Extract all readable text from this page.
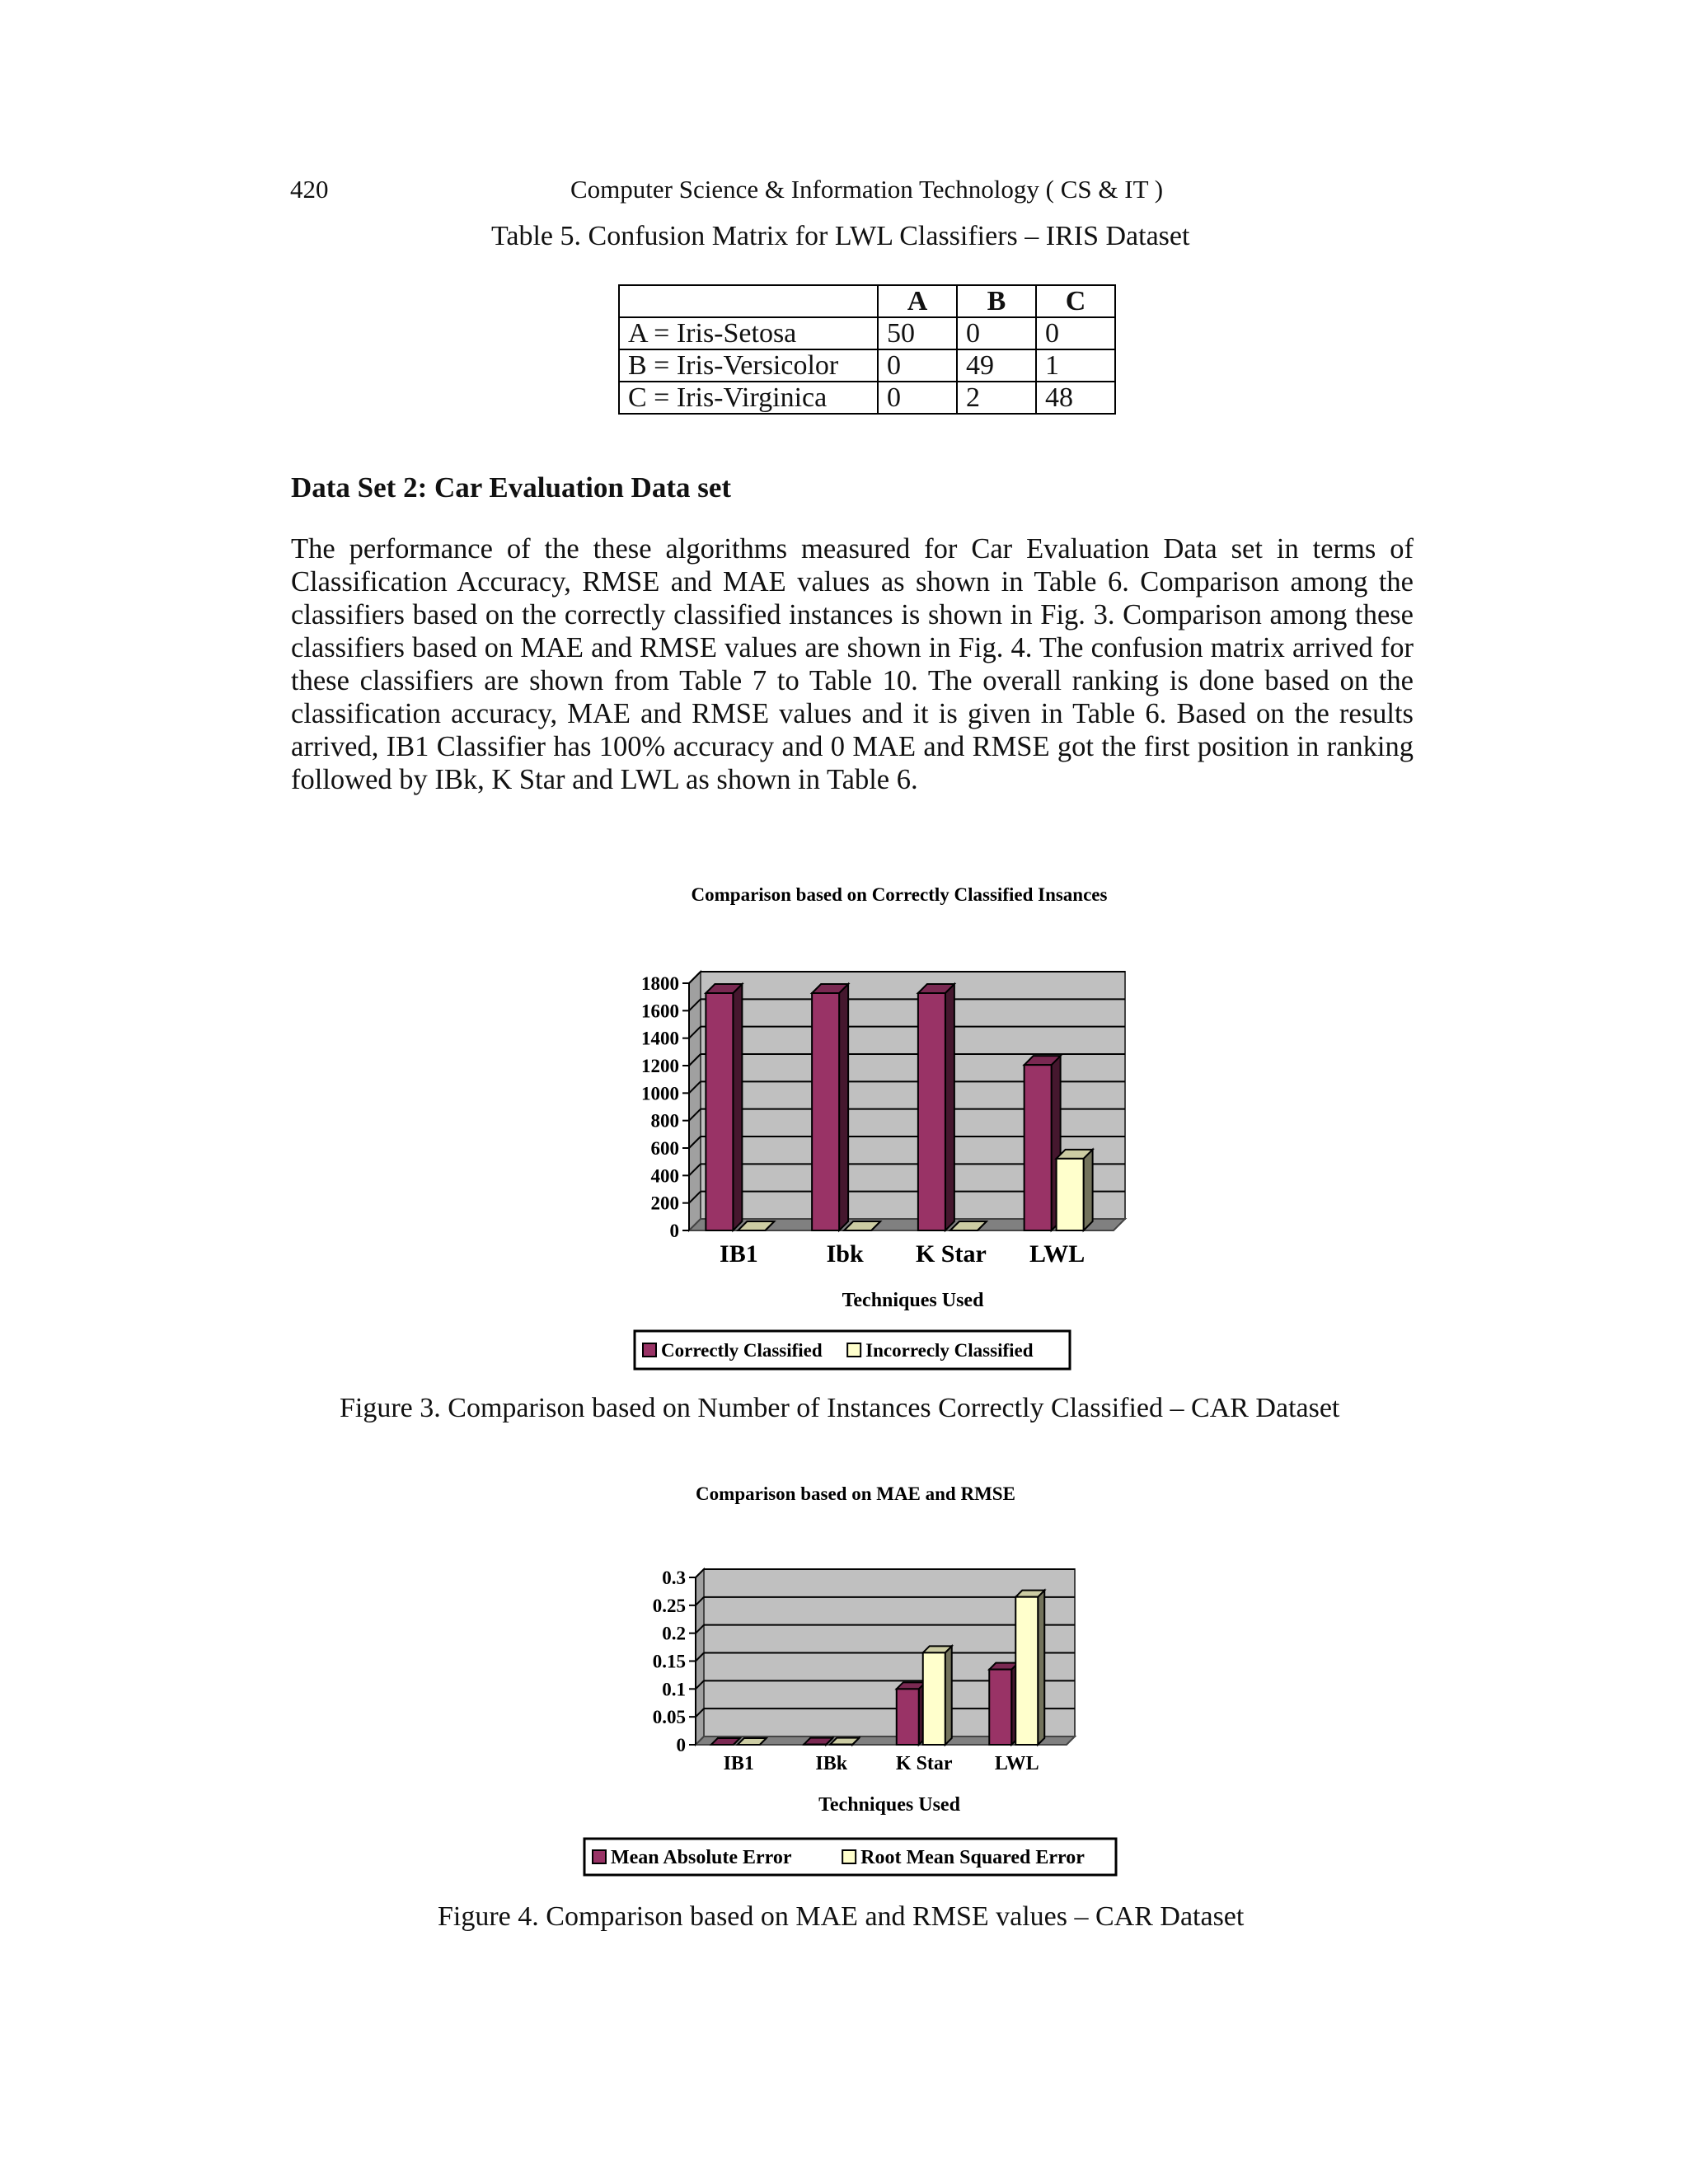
420	Computer Science & Information Technology ( CS & IT )
Table 5. Confusion Matrix for LWL Classifiers – IRIS Dataset
	A	B	C
A = Iris-Setosa	50	0	0
B = Iris-Versicolor	0	49	1
C = Iris-Virginica	0	2	48
Data Set 2: Car Evaluation Data set
The performance of the these algorithms measured for Car Evaluation Data set in terms of Classification Accuracy, RMSE and MAE values as shown in Table 6. Comparison among the classifiers based on the correctly classified instances is shown in Fig. 3. Comparison among these classifiers based on MAE and RMSE values are shown in Fig. 4. The confusion matrix arrived for these classifiers are shown from Table 7 to Table 10. The overall ranking is done based on the classification accuracy, MAE and RMSE values and it is given in Table 6. Based on the results arrived, IB1 Classifier has 100% accuracy and 0 MAE and RMSE got the first position in ranking followed by IBk, K Star and LWL as shown in Table 6.
Comparison based on Correctly Classified Insances
0
200
400
600
800
1000
1200
1400
1600
1800
IB1	Ibk K Star LWL
Techniques Used
Correctly Classified Incorrecly Classified
Comparison based on MAE and RMSE
0
0.05
0.1
0.15
0.2
0.25
0.3
IB1	IBk K Star LWL
Techniques Used
Mean Absolute Error	Root Mean Squared Error
Figure 3. Comparison based on Number of Instances Correctly Classified – CAR Dataset
Figure 4. Comparison based on MAE and RMSE values – CAR Dataset
